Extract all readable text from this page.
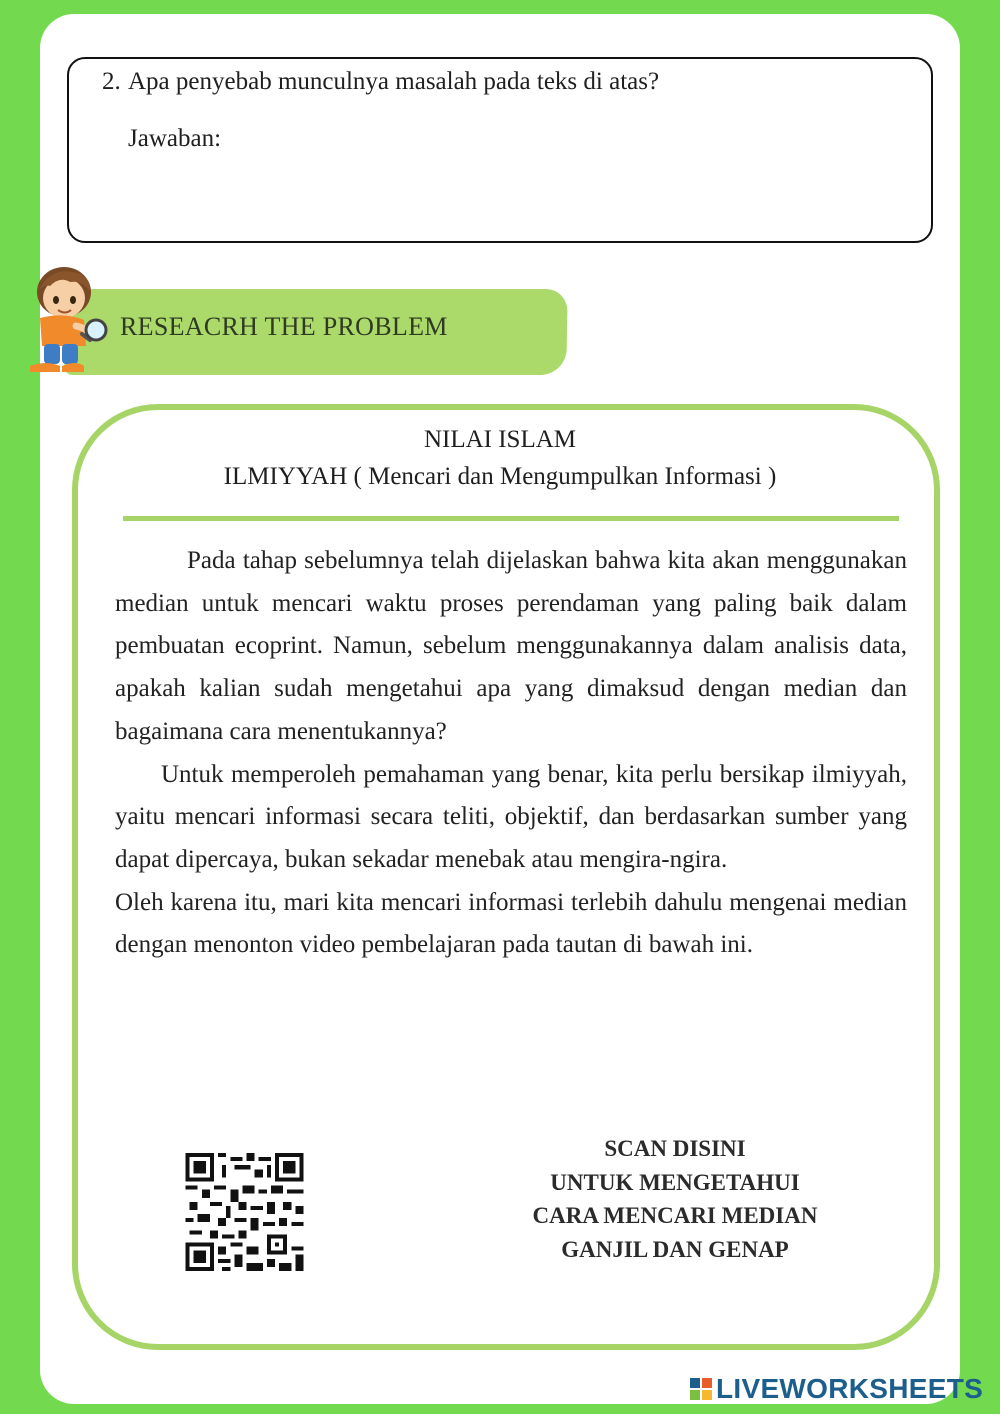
2. Apa penyebab munculnya masalah pada teks di atas?
Jawaban:
RESEACRH THE PROBLEM
NILAI ISLAM
ILMIYYAH ( Mencari dan Mengumpulkan Informasi )

Pada tahap sebelumnya telah dijelaskan bahwa kita akan menggunakan median untuk mencari waktu proses perendaman yang paling baik dalam pembuatan ecoprint. Namun, sebelum menggunakannya dalam analisis data, apakah kalian sudah mengetahui apa yang dimaksud dengan median dan bagaimana cara menentukannya?

Untuk memperoleh pemahaman yang benar, kita perlu bersikap ilmiyyah, yaitu mencari informasi secara teliti, objektif, dan berdasarkan sumber yang dapat dipercaya, bukan sekadar menebak atau mengira-ngira.

Oleh karena itu, mari kita mencari informasi terlebih dahulu mengenai median dengan menonton video pembelajaran pada tautan di bawah ini.

SCAN DISINI
UNTUK MENGETAHUI
CARA MENCARI MEDIAN
GANJIL DAN GENAP
LIVEWORKSHEETS
